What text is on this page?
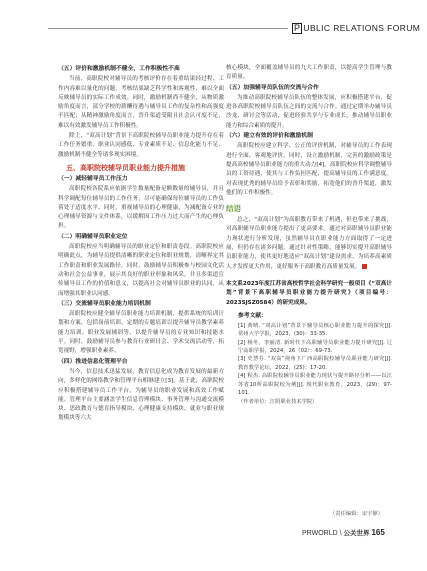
P UBLIC RELATIONS FORUM
（五）评价和激励机制不健全，工作积极性不高

当前，高职院校对辅导员的考核评价存在着重结果轻过程、工作内容难以量化的问题，考核结果缺乏科学性和客观性，难以全面反映辅导员的实际工作成效。同时，激励机制尚不健全，从物质激励角度而言，部分学校的薪酬待遇与辅导员工作的复杂性和高强度不匹配；从精神激励角度而言，晋升渠道受限且社会认可度不足，难以有效激发辅导员工作积极性。

除上，“双高计划”背景下高职院校辅导员职业能力提升存在着工作任务繁重、职业认同感低、专业素质不足、信息化能力不足、激励机制不健全等诸多现实困境。

五、高职院校辅导员职业能力提升措施
（一）减轻辅导员工作压力

高职院校各院系应依据学生数量配备足额数量的辅导员，并且科学调配每位辅导员的工作任务，尽可能确保每位辅导员的工作负荷处于适度水平。同时，重视辅导员的心理健康，为减配备专业的心理辅导资源与文件体系，以缓解因工作压力过大而产生的心理负担。

（二）明确辅导员职业定位

高职院校应当明确辅导员的职业定位和职责卷段。高职院校应明确此点，为辅导员提供清晰的职业定位和职业规划，清晰界定其工作职责和职业发展路径。同时，鼓励辅导员积极参与校园文化活动和社会公益事业，展示其良好的职业形象和风采，并且多渠道宣传辅导员工作的价值和意义，以提高社会对辅导员职业的认同，从而增强其职业认同感。

（三）交流辅导员职业能力培训机制

高职院校应健全辅导员职业能力培训机制，提供系统的培训计划和方案，包括岗前培训、定期的专题培训以提升辅导员教学素养能力培训、职业发展辅训等，以提升辅导员的专业知识和技能水平。同时，鼓励辅导员参与教育行业研讨会、学术交流活动等，拓宽视野，增强职业素养。

（四）推进信息化管理平台

当今，信息技术迅猛发展，教育信息化成为教育发展的最新方向，多样化的网络教学和管理平台相继建立[3]。基于此，高职院校应积极搭建辅导员工作平台，为辅导员的职业发展和高效工作赋能。管理平台主要涵盖学生信息管理模块、事务管理与沟通交流模块、思政教育与德育指导模块、心理健康支持模块、就业与职业规划模块等六大

核心模块，全面覆盖辅导员的九大工作职责，以提高学生管理与教育质量。

（五）加强辅导员队伍的交流与合作

为推动高职院校辅导员队伍的整体发展，应积极搭建平台，促进各高职院校辅导员队伍之间的交流与合作。通过定期举办辅导员沙龙、研讨会等活动，促进经验共享与专业成长，推动辅导员职业能力和综合素质的提升。

（六）建立有效的评价和激励机制

高职院校应建立科学、公正的评价机制，对辅导员的工作表现进行全面、客观地评价。同时，设立激励机制，完善的激励政策是提高高校辅导员职业能力的重大动力[4]。高职院校应科学调整辅导员的工资待遇，使其与工作负担匹配，提高辅导员的工作满意度。对表现优秀的辅导员给予表彰和奖励，拓宽他们的晋升渠道，激发他们的工作积极性。

结语

总之，“双高计划”为高职教育带来了机遇，但也带来了挑战，对高职辅导员职业能力提出了更高要求。通过对高职辅导员职业能力现状进行分析发现，虽然辅导员在职业能力方面取得了一定进展，但仍存在诸多问题。通过针对性策略，能够切实提升高职辅导员职业能力，使其更好地适应“双高计划”建设需求，为培养高素质人才发挥更大作用，更好服务于高职教育高质量发展。

本文系2023年度江苏省高校哲学社会科学研究一般项目《“双高计划”背景下高职辅导员职业能力提升研究》（项目编号：2023SJSZ0584）的研究成果。
参考文献：
[1] 黄晴. “双高计划”背景下辅导员核心职业能力提升的探究[J]. 常州大学学报，2023，(30)：33-35.
[2] 杨冬，李丽清. 新时代下高职辅导员职业能力提升研究[J]. 辽宁高职学报，2024，26（02）：69-73.
[3] 史慧芬. “双高”视角下广西高职院校辅导员职业能力研究[J]. 教育教学论坛，2022，(25)：17-20.
[4] 程杰. 高职院校辅导员职业能力现状与提升路径分析——以江苏省10所高职院校为例[J]. 现代职业教育，2023，(29)：97-101.
（作者单位：江阴职业技术学院）
（责任编辑：宋宇静）
PRWORLD \ 公关世界 165
